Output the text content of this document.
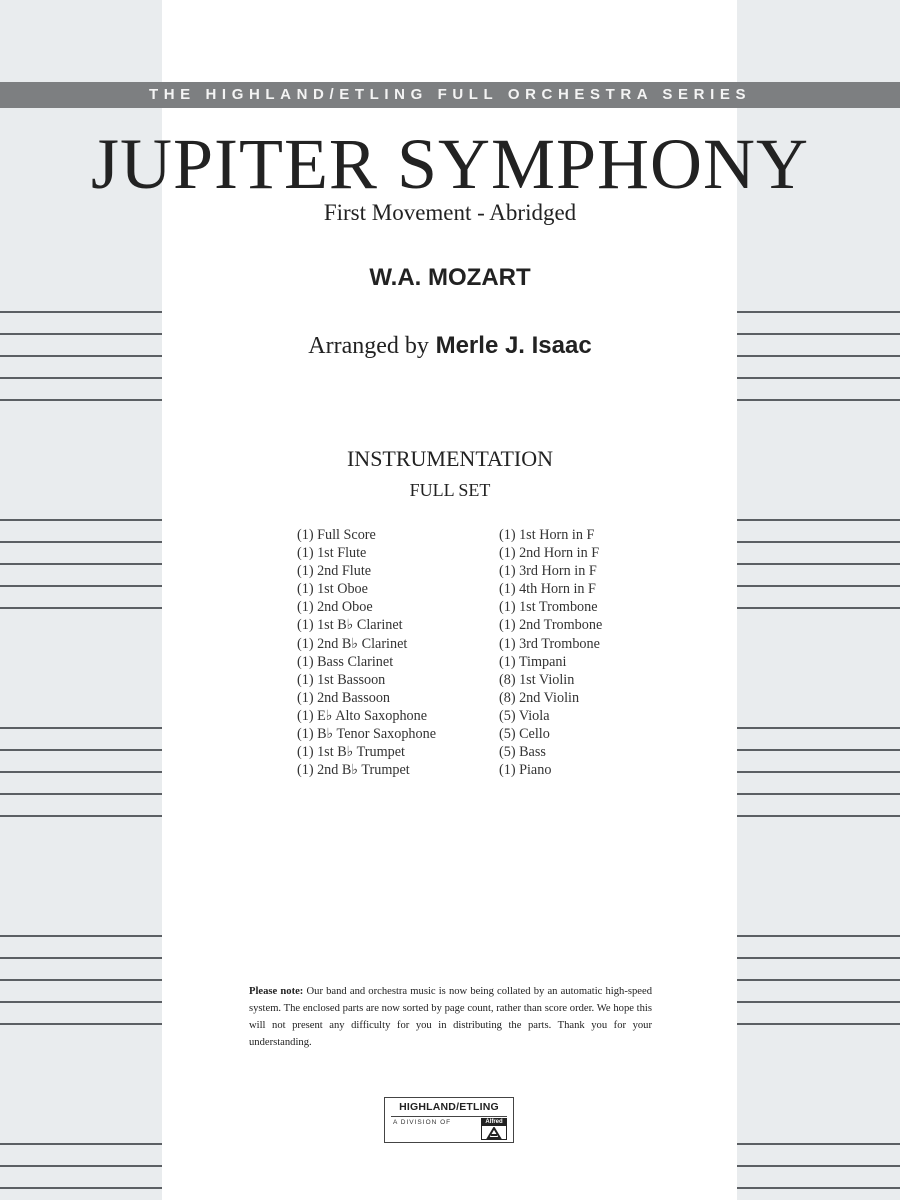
THE HIGHLAND/ETLING FULL ORCHESTRA SERIES
JUPITER SYMPHONY
First Movement - Abridged
W.A. MOZART
Arranged by Merle J. Isaac
INSTRUMENTATION
FULL SET
(1) Full Score
(1) 1st Flute
(1) 2nd Flute
(1) 1st Oboe
(1) 2nd Oboe
(1) 1st B♭ Clarinet
(1) 2nd B♭ Clarinet
(1) Bass Clarinet
(1) 1st Bassoon
(1) 2nd Bassoon
(1) E♭ Alto Saxophone
(1) B♭ Tenor Saxophone
(1) 1st B♭ Trumpet
(1) 2nd B♭ Trumpet
(1) 1st Horn in F
(1) 2nd Horn in F
(1) 3rd Horn in F
(1) 4th Horn in F
(1) 1st Trombone
(1) 2nd Trombone
(1) 3rd Trombone
(1) Timpani
(8) 1st Violin
(8) 2nd Violin
(5) Viola
(5) Cello
(5) Bass
(1) Piano
Please note: Our band and orchestra music is now being collated by an automatic high-speed system. The enclosed parts are now sorted by page count, rather than score order. We hope this will not present any difficulty for you in distributing the parts. Thank you for your understanding.
HIGHLAND/ETLING
A DIVISION OF	Alfred
